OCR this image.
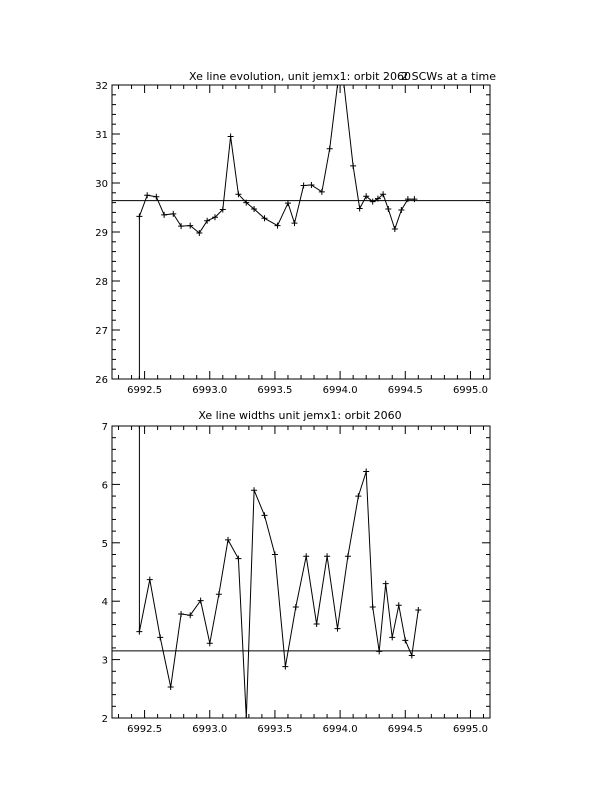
Xe line evolution, unit jemx1: orbit 2060
2 SCWs at a time
6992.5	6993.0	6993.5	6994.0	6994.5	6995.0
26
27
28
29
30
31
32
Xe line widths unit jemx1: orbit 2060
6992.5	6993.0	6993.5	6994.0	6994.5	6995.0
2
3
4
5
6
7
